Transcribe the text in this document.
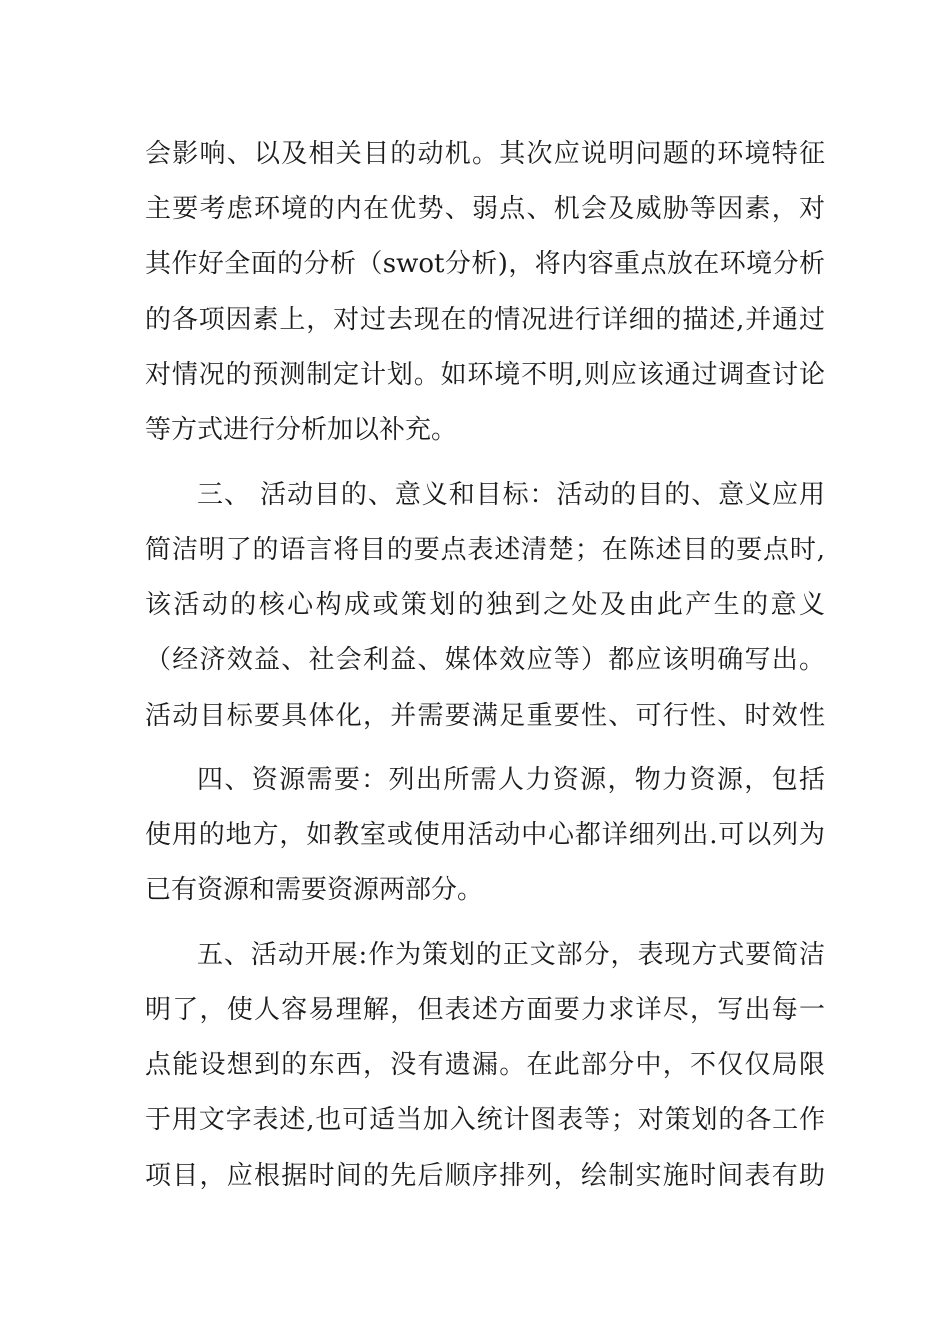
会影响、以及相关目的动机。其次应说明问题的环境特征
主要考虑环境的内在优势、弱点、机会及威胁等因素，对
其作好全面的分析（swot分析)，将内容重点放在环境分析
的各项因素上，对过去现在的情况进行详细的描述,并通过
对情况的预测制定计划。如环境不明,则应该通过调查讨论
等方式进行分析加以补充。
三、 活动目的、意义和目标：活动的目的、意义应用
简洁明了的语言将目的要点表述清楚；在陈述目的要点时,
该活动的核心构成或策划的独到之处及由此产生的意义
（经济效益、社会利益、媒体效应等）都应该明确写出。
活动目标要具体化，并需要满足重要性、可行性、时效性
四、资源需要：列出所需人力资源，物力资源，包括
使用的地方，如教室或使用活动中心都详细列出.可以列为
已有资源和需要资源两部分。
五、活动开展:作为策划的正文部分，表现方式要简洁
明了，使人容易理解，但表述方面要力求详尽，写出每一
点能设想到的东西，没有遗漏。在此部分中，不仅仅局限
于用文字表述,也可适当加入统计图表等；对策划的各工作
项目，应根据时间的先后顺序排列，绘制实施时间表有助
